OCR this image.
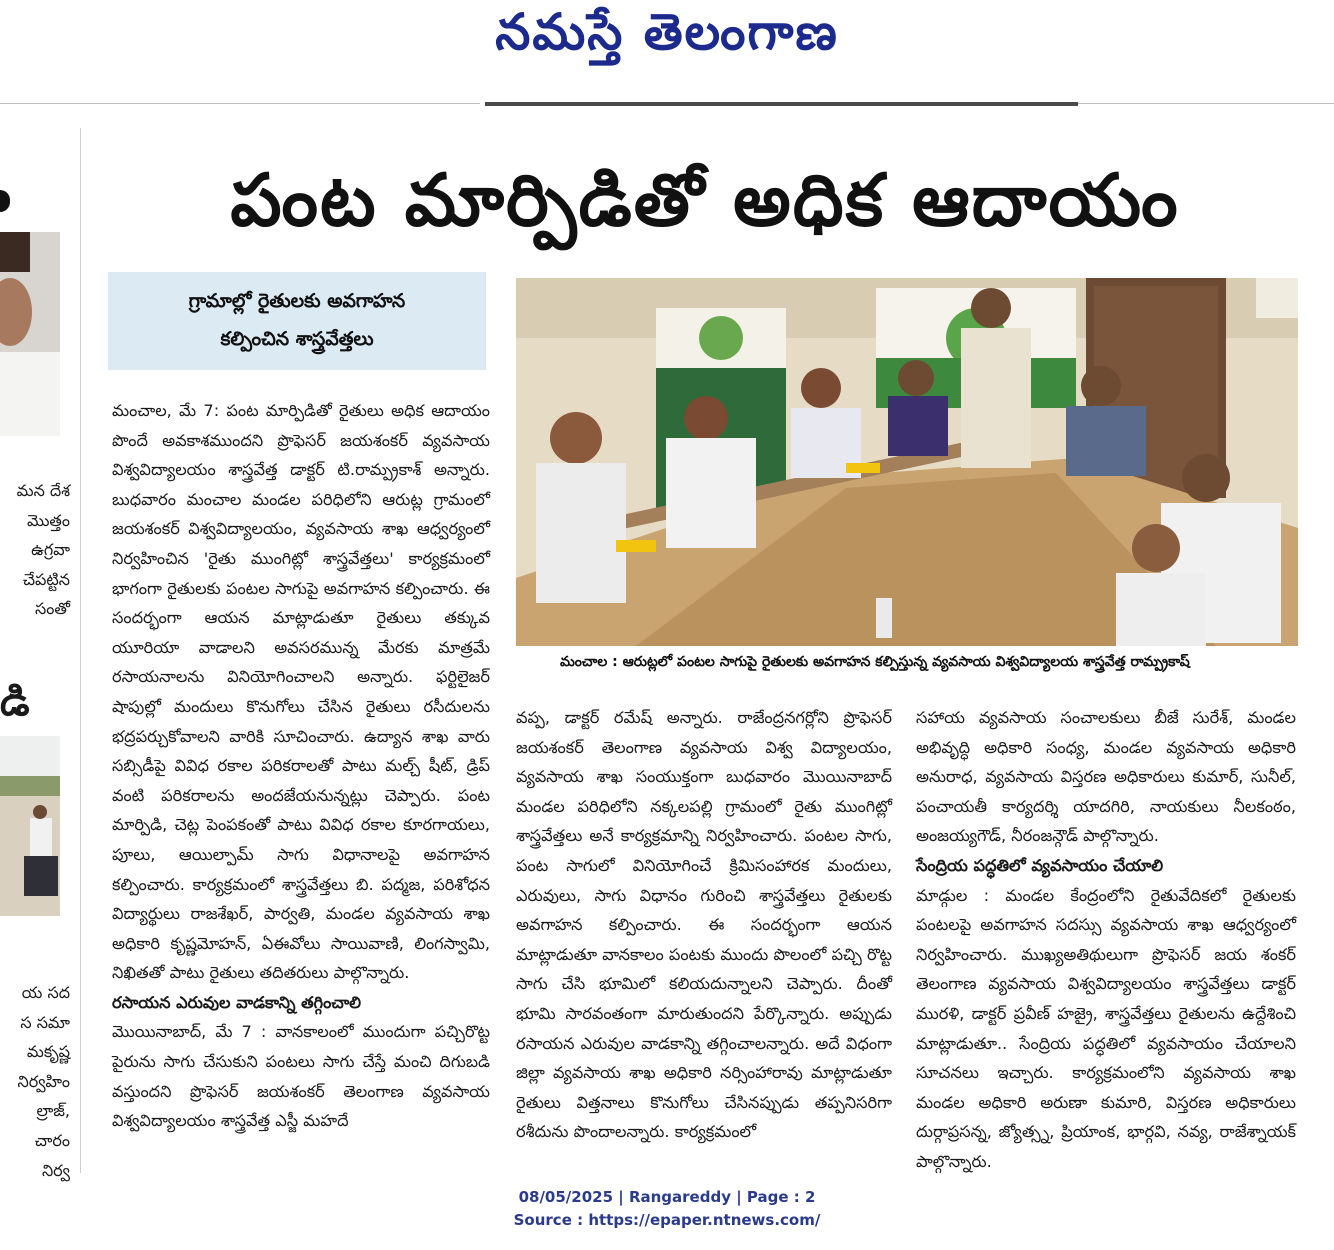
నమస్తే తెలంగాణ
మన దేశ
మొత్తం
ఉగ్రవా
చేపట్టిన
సంతో
డి
య సద
స సమా
మకృష్ణ
నిర్వహిం
ల్రాజ్,
చారం
నిర్వ
పంట మార్పిడితో అధిక ఆదాయం
గ్రామాల్లో రైతులకు అవగాహన
కల్పించిన శాస్త్రవేత్తలు
మంచాల : ఆరుట్లలో పంటల సాగుపై రైతులకు అవగాహన కల్పిస్తున్న వ్యవసాయ విశ్వవిద్యాలయ శాస్త్రవేత్త రామ్ప్రకాష్

మంచాల, మే 7: పంట మార్పిడితో రైతులు అధిక ఆదాయం పొందే అవకాశముందని ప్రొఫెసర్ జయశంకర్ వ్యవసాయ విశ్వవిద్యాలయం శాస్త్రవేత్త డాక్టర్ టి.రామ్ప్రకాశ్ అన్నారు. బుధవారం మంచాల మండల పరిధిలోని ఆరుట్ల గ్రామంలో జయశంకర్ విశ్వవిద్యాలయం, వ్యవసాయ శాఖ ఆధ్వర్యంలో నిర్వహించిన 'రైతు ముంగిట్లో శాస్త్రవేత్తలు' కార్యక్రమంలో భాగంగా రైతులకు పంటల సాగుపై అవగాహన కల్పించారు. ఈ సందర్భంగా ఆయన మాట్లాడుతూ రైతులు తక్కువ యూరియా వాడాలని అవసరమున్న మేరకు మాత్రమే రసాయనాలను వినియోగించాలని అన్నారు. ఫర్టిలైజర్ షాపుల్లో మందులు కొనుగోలు చేసిన రైతులు రసీదులను భద్రపర్చుకోవాలని వారికి సూచించారు. ఉద్యాన శాఖ వారు సబ్సిడీపై వివిధ రకాల పరికరాలతో పాటు మల్చ్ షీట్, డ్రిప్ వంటి పరికరాలను అందజేయనున్నట్లు చెప్పారు. పంట మార్పిడి, చెట్ల పెంపకంతో పాటు వివిధ రకాల కూరగాయలు, పూలు, ఆయిల్పామ్ సాగు విధానాలపై అవగాహన కల్పించారు. కార్యక్రమంలో శాస్త్రవేత్తలు బి. పద్మజ, పరిశోధన విద్యార్థులు రాజశేఖర్, పార్వతి, మండల వ్యవసాయ శాఖ అధికారి కృష్ణమోహన్, ఏఈవోలు సాయివాణి, లింగస్వామి, నిఖితతో పాటు రైతులు తదితరులు పాల్గొన్నారు.

రసాయన ఎరువుల వాడకాన్ని తగ్గించాలి

మొయినాబాద్, మే 7 : వానకాలంలో ముందుగా పచ్చిరొట్ట పైరును సాగు చేసుకుని పంటలు సాగు చేస్తే మంచి దిగుబడి వస్తుందని ప్రొఫెసర్ జయశంకర్ తెలంగాణ వ్యవసాయ విశ్వవిద్యాలయం శాస్త్రవేత్త ఎస్జీ మహదే

వప్ప, డాక్టర్ రమేష్ అన్నారు. రాజేంద్రనగర్లోని ప్రొఫెసర్ జయశంకర్ తెలంగాణ వ్యవసాయ విశ్వ విద్యాలయం, వ్యవసాయ శాఖ సంయుక్తంగా బుధవారం మొయినాబాద్ మండల పరిధిలోని నక్కలపల్లి గ్రామంలో రైతు ముంగిట్లో శాస్త్రవేత్తలు అనే కార్యక్రమాన్ని నిర్వహించారు. పంటల సాగు, పంట సాగులో వినియోగించే క్రిమిసంహారక మందులు, ఎరువులు, సాగు విధానం గురించి శాస్త్రవేత్తలు రైతులకు అవగాహన కల్పించారు. ఈ సందర్భంగా ఆయన మాట్లాడుతూ వానకాలం పంటకు ముందు పొలంలో పచ్చి రొట్ట సాగు చేసి భూమిలో కలియదున్నాలని చెప్పారు. దీంతో భూమి సారవంతంగా మారుతుందని పేర్కొన్నారు. అప్పుడు రసాయన ఎరువుల వాడకాన్ని తగ్గించాలన్నారు. అదే విధంగా జిల్లా వ్యవసాయ శాఖ అధికారి నర్సింహారావు మాట్లాడుతూ రైతులు విత్తనాలు కొనుగోలు చేసినప్పుడు తప్పనిసరిగా రశీదును పొందాలన్నారు. కార్యక్రమంలో

సహాయ వ్యవసాయ సంచాలకులు బీజే సురేశ్, మండల అభివృద్ధి అధికారి సంధ్య, మండల వ్యవసాయ అధికారి అనురాధ, వ్యవసాయ విస్తరణ అధికారులు కుమార్, సునీల్, పంచాయతీ కార్యదర్శి యాదగిరి, నాయకులు నీలకంఠం, అంజయ్యగౌడ్, నీరంజన్గౌడ్ పాల్గొన్నారు.

సేంద్రియ పద్ధతిలో వ్యవసాయం చేయాలి

మాడ్గుల : మండల కేంద్రంలోని రైతువేదికలో రైతులకు పంటలపై అవగాహన సదస్సు వ్యవసాయ శాఖ ఆధ్వర్యంలో నిర్వహించారు. ముఖ్యఅతిథులుగా ప్రొఫెసర్ జయ శంకర్ తెలంగాణ వ్యవసాయ విశ్వవిద్యాలయం శాస్త్రవేత్తలు డాక్టర్ మురళి, డాక్టర్ ప్రవీణ్ హజ్రై, శాస్త్రవేత్తలు రైతులను ఉద్దేశించి మాట్లాడుతూ.. సేంద్రియ పద్ధతిలో వ్యవసాయం చేయాలని సూచనలు ఇచ్చారు. కార్యక్రమంలోని వ్యవసాయ శాఖ మండల అధికారి అరుణా కుమారి, విస్తరణ అధికారులు దుర్గాప్రసన్న, జ్యోత్స్న, ప్రియాంక, భార్గవి, నవ్య, రాజేశ్నాయక్ పాల్గొన్నారు.

08/05/2025 | Rangareddy | Page : 2
Source : https://epaper.ntnews.com/
